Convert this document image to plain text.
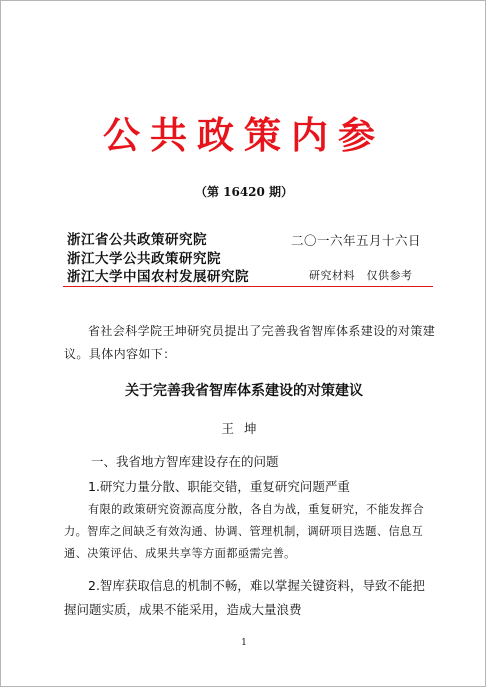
公共政策内参
（第 16420 期）
浙江省公共政策研究院
浙江大学公共政策研究院
浙江大学中国农村发展研究院
二〇一六年五月十六日
研究材料　仅供参考
省社会科学院王坤研究员提出了完善我省智库体系建设的对策建议。具体内容如下：
关于完善我省智库体系建设的对策建议
王坤
一、我省地方智库建设存在的问题
1.研究力量分散、职能交错，重复研究问题严重
有限的政策研究资源高度分散，各自为战，重复研究，不能发挥合力。智库之间缺乏有效沟通、协调、管理机制，调研项目选题、信息互通、决策评估、成果共享等方面都亟需完善。
2.智库获取信息的机制不畅，难以掌握关键资料，导致不能把握问题实质，成果不能采用，造成大量浪费
1
